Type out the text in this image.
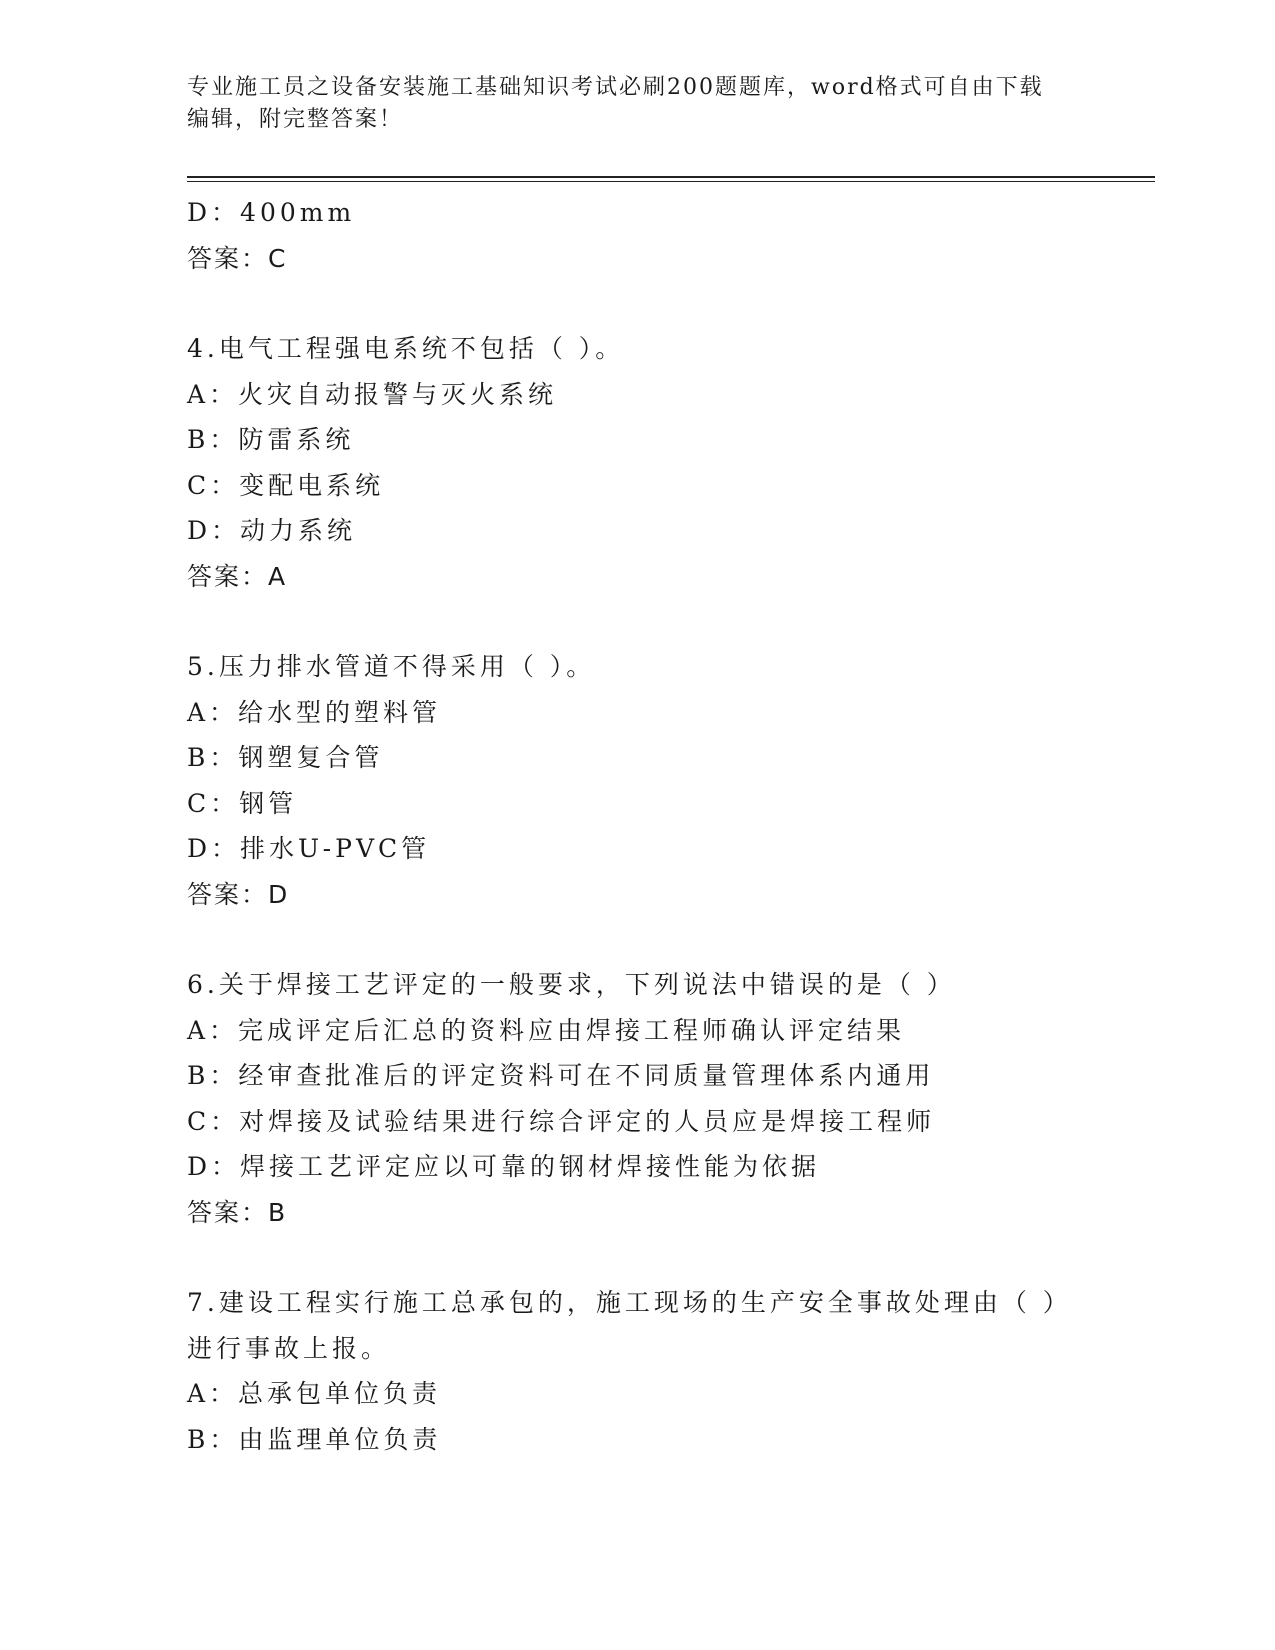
专业施工员之设备安装施工基础知识考试必刷200题题库，word格式可自由下载
编辑，附完整答案！
D：400mm
答案：C
4.电气工程强电系统不包括（ ）。
A：火灾自动报警与灭火系统
B：防雷系统
C：变配电系统
D：动力系统
答案：A
5.压力排水管道不得采用（ ）。
A：给水型的塑料管
B：钢塑复合管
C：钢管
D：排水U-PVC管
答案：D
6.关于焊接工艺评定的一般要求，下列说法中错误的是（ ）
A：完成评定后汇总的资料应由焊接工程师确认评定结果
B：经审查批准后的评定资料可在不同质量管理体系内通用
C：对焊接及试验结果进行综合评定的人员应是焊接工程师
D：焊接工艺评定应以可靠的钢材焊接性能为依据
答案：B
7.建设工程实行施工总承包的，施工现场的生产安全事故处理由（ ）
进行事故上报。
A：总承包单位负责
B：由监理单位负责
